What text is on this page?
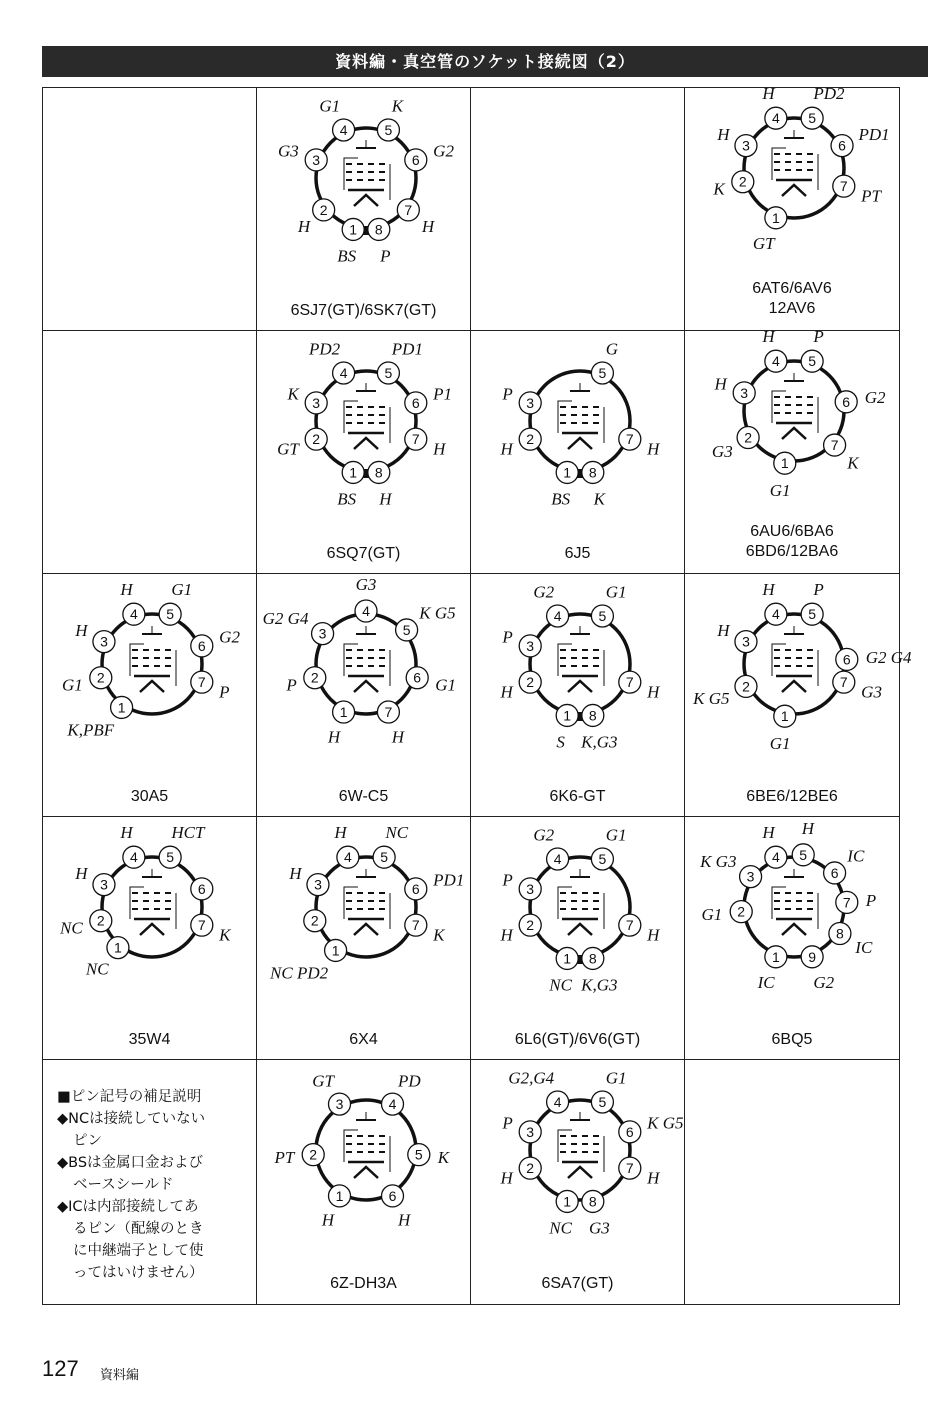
資料編・真空管のソケット接続図（2）
1
BS
2
H
3
G3
4
G1
5
K
6 G2
7
H
8
P
6SJ7(GT)/6SK7(GT)
1
GT
2
K
3
H
4
H
5
PD2
6
PD1
7
PT
6AT6/6AV6
12AV6
1
BS
2
GT
3
K
4
PD2
5
PD1
6 P1
7
H
8
H
6SQ7(GT)
1
BS
2
H
3
P
5
G
7
H
8
K
6J5
1
G1
2
G3
3
H
4
H
5
P
6 G2
7
K
6AU6/6BA6
6BD6/12BA6
1
K,PBF
2
G1
3
H
4
H
5
G1
6 G2
7
P
30A5
1
H
2
P
3
G2 G4	4
G3
5
K G5
6 G1
7
H
6W-C5
1
S
2
H
3
P
4
G2
5
G1
7
H
8
K,G3
6K6-GT
1
G1
2
K G5
3
H
4
H
5
P
6 G2 G4
7
G3
6BE6/12BE6
1
NC
2
NC
3
H
4
H
5
HCT
6
7
K
35W4
1
NC PD2
2
3
H
4
H
5
NC
6 PD1
7
K
6X4
1
NC
2
H
3
P
4
G2
5
G1
7
H
8
K,G3
6L6(GT)/6V6(GT)
1
IC
2
G1
3
K G3	4
H
5
H
6
IC
7 P
8
IC
9
G2
6BQ5
■ピン記号の補足説明
◆NCは接続していない
ピン
◆BSは金属口金および
ベースシールド
◆ICは内部接続してあ
るピン（配線のとき
に中継端子として使
ってはいけません）
1
H
2
PT
3
GT
4
PD
5 K
6
H
6Z-DH3A
1
NC
2
H
3
P
4
G2,G4
5
G1
6 K G5
7
H
8
G3
6SA7(GT)
127 資料編
